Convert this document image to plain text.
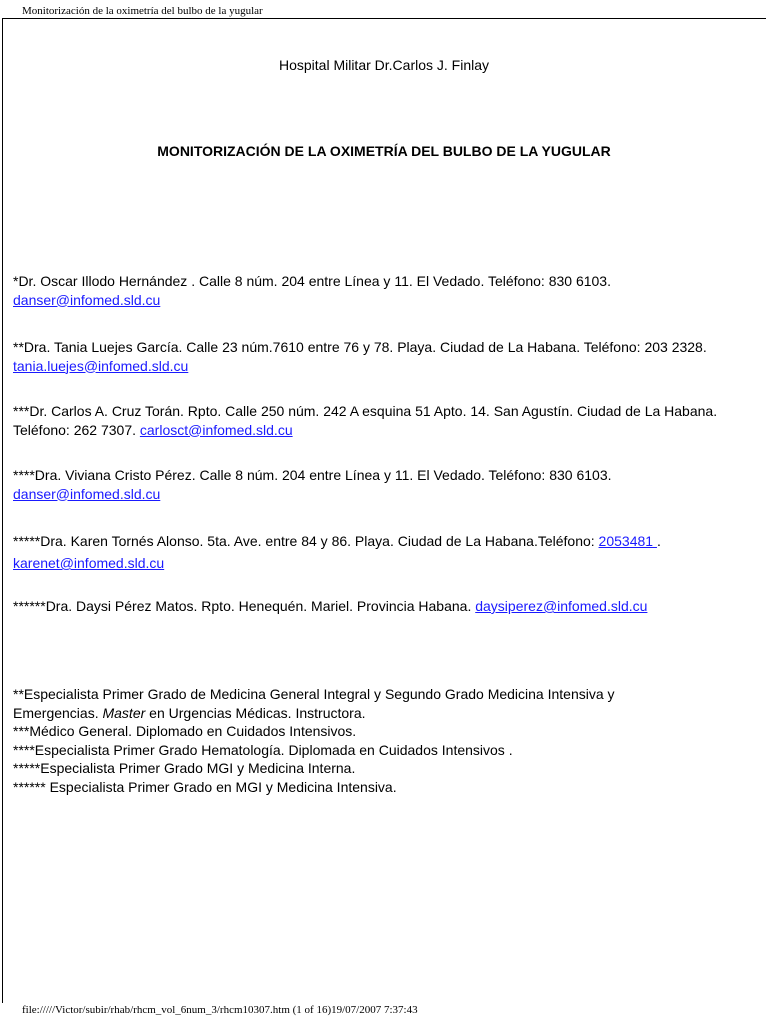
Monitorización de la oximetría del bulbo de la yugular
Hospital Militar Dr.Carlos J. Finlay
MONITORIZACIÓN DE LA OXIMETRÍA DEL BULBO DE LA YUGULAR
*Dr. Oscar Illodo Hernández . Calle 8 núm. 204 entre Línea y 11. El Vedado. Teléfono: 830 6103.
danser@infomed.sld.cu
**Dra. Tania Luejes García. Calle 23 núm.7610 entre 76 y 78. Playa. Ciudad de La Habana. Teléfono: 203 2328. tania.luejes@infomed.sld.cu
***Dr. Carlos A. Cruz Torán. Rpto. Calle 250 núm. 242 A esquina 51 Apto. 14. San Agustín. Ciudad de La Habana. Teléfono: 262 7307. carlosct@infomed.sld.cu
****Dra. Viviana Cristo Pérez. Calle 8 núm. 204 entre Línea y 11. El Vedado. Teléfono: 830 6103.
danser@infomed.sld.cu
*****Dra. Karen Tornés Alonso. 5ta. Ave. entre 84 y 86. Playa. Ciudad de La Habana.Teléfono: 2053481 .
karenet@infomed.sld.cu
******Dra. Daysi Pérez Matos. Rpto. Henequén. Mariel. Provincia Habana. daysiperez@infomed.sld.cu
**Especialista Primer Grado de Medicina General Integral y Segundo Grado Medicina Intensiva y
Emergencias. Master en Urgencias Médicas. Instructora.
***Médico General. Diplomado en Cuidados Intensivos.
****Especialista Primer Grado Hematología. Diplomada en Cuidados Intensivos .
*****Especialista Primer Grado MGI y Medicina Interna.
****** Especialista Primer Grado en MGI y Medicina Intensiva.
file://///Victor/subir/rhab/rhcm_vol_6num_3/rhcm10307.htm (1 of 16)19/07/2007 7:37:43
